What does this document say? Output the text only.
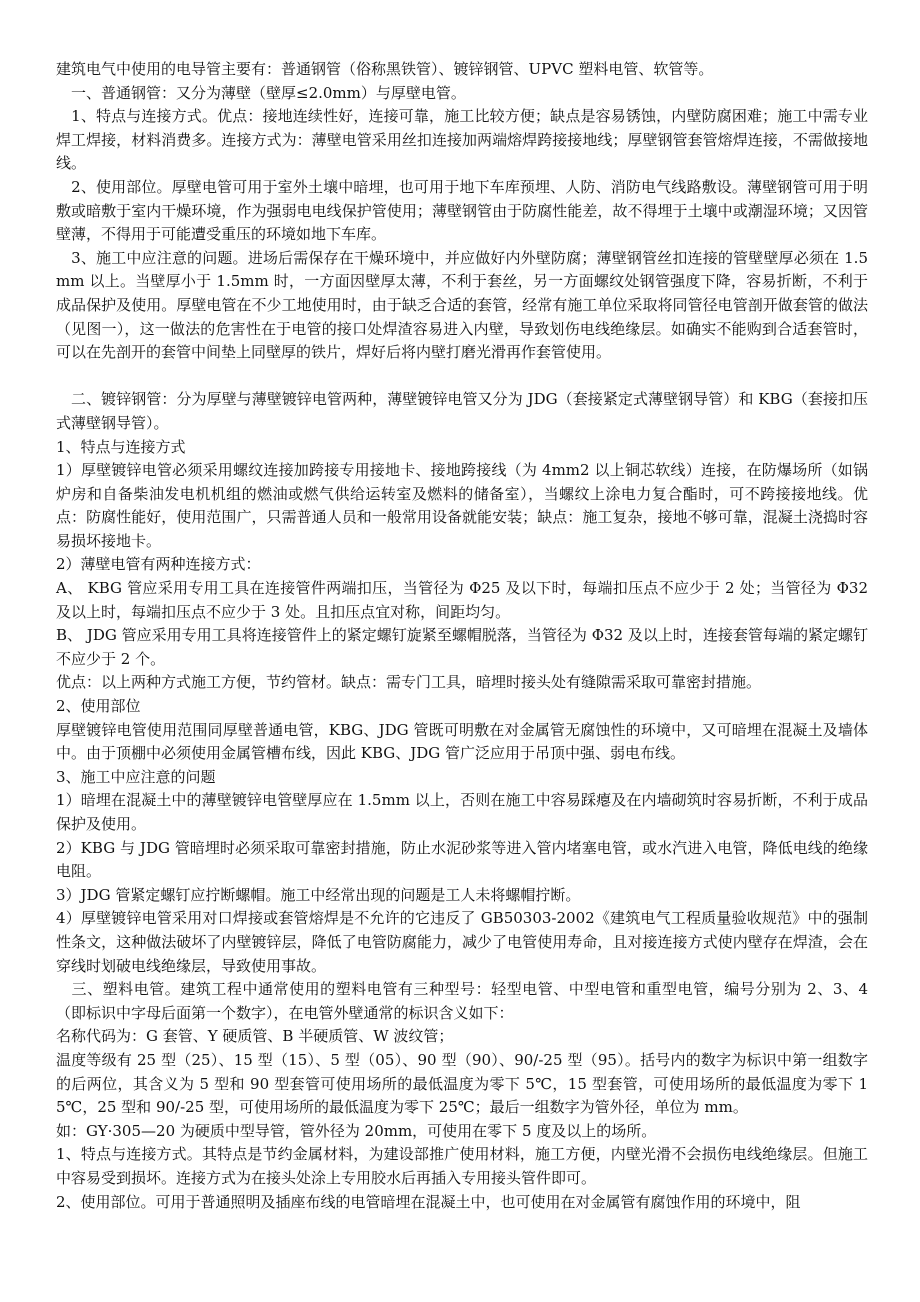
建筑电气中使用的电导管主要有：普通钢管（俗称黑铁管）、镀锌钢管、UPVC 塑料电管、软管等。

　一、普通钢管：又分为薄壁（壁厚≤2.0mm）与厚壁电管。

　1、特点与连接方式。优点：接地连续性好，连接可靠，施工比较方便；缺点是容易锈蚀，内壁防腐困难；施工中需专业焊工焊接，材料消费多。连接方式为：薄壁电管采用丝扣连接加两端熔焊跨接接地线；厚壁钢管套管熔焊连接，不需做接地线。

　2、使用部位。厚壁电管可用于室外土壤中暗埋，也可用于地下车库预埋、人防、消防电气线路敷设。薄壁钢管可用于明敷或暗敷于室内干燥环境，作为强弱电电线保护管使用；薄壁钢管由于防腐性能差，故不得埋于土壤中或潮湿环境；又因管壁薄，不得用于可能遭受重压的环境如地下车库。

　3、施工中应注意的问题。进场后需保存在干燥环境中，并应做好内外壁防腐；薄壁钢管丝扣连接的管壁壁厚必须在 1.5mm 以上。当壁厚小于 1.5mm 时，一方面因壁厚太薄，不利于套丝，另一方面螺纹处钢管强度下降，容易折断，不利于成品保护及使用。厚壁电管在不少工地使用时，由于缺乏合适的套管，经常有施工单位采取将同管径电管剖开做套管的做法（见图一），这一做法的危害性在于电管的接口处焊渣容易进入内壁，导致划伤电线绝缘层。如确实不能购到合适套管时，可以在先剖开的套管中间垫上同壁厚的铁片，焊好后将内壁打磨光滑再作套管使用。

　二、镀锌钢管：分为厚壁与薄壁镀锌电管两种，薄壁镀锌电管又分为 JDG（套接紧定式薄壁钢导管）和 KBG（套接扣压式薄壁钢导管）。

1、特点与连接方式

1）厚壁镀锌电管必须采用螺纹连接加跨接专用接地卡、接地跨接线（为 4mm2 以上铜芯软线）连接，在防爆场所（如锅炉房和自备柴油发电机机组的燃油或燃气供给运转室及燃料的储备室），当螺纹上涂电力复合酯时，可不跨接接地线。优点：防腐性能好，使用范围广，只需普通人员和一般常用设备就能安装；缺点：施工复杂，接地不够可靠，混凝土浇捣时容易损坏接地卡。

2）薄壁电管有两种连接方式：

A、 KBG 管应采用专用工具在连接管件两端扣压，当管径为 Φ25 及以下时，每端扣压点不应少于 2 处；当管径为 Φ32 及以上时，每端扣压点不应少于 3 处。且扣压点宜对称，间距均匀。

B、 JDG 管应采用专用工具将连接管件上的紧定螺钉旋紧至螺帽脱落，当管径为 Φ32 及以上时，连接套管每端的紧定螺钉不应少于 2 个。

优点：以上两种方式施工方便，节约管材。缺点：需专门工具，暗埋时接头处有缝隙需采取可靠密封措施。

2、使用部位

厚壁镀锌电管使用范围同厚壁普通电管，KBG、JDG 管既可明敷在对金属管无腐蚀性的环境中，又可暗埋在混凝土及墙体中。由于顶棚中必须使用金属管槽布线，因此 KBG、JDG 管广泛应用于吊顶中强、弱电布线。

3、施工中应注意的问题

1）暗埋在混凝土中的薄壁镀锌电管壁厚应在 1.5mm 以上，否则在施工中容易踩瘪及在内墙砌筑时容易折断，不利于成品保护及使用。

2）KBG 与 JDG 管暗埋时必须采取可靠密封措施，防止水泥砂浆等进入管内堵塞电管，或水汽进入电管，降低电线的绝缘电阻。

3）JDG 管紧定螺钉应拧断螺帽。施工中经常出现的问题是工人未将螺帽拧断。

4）厚壁镀锌电管采用对口焊接或套管熔焊是不允许的它违反了 GB50303-2002《建筑电气工程质量验收规范》中的强制性条文，这种做法破坏了内壁镀锌层，降低了电管防腐能力，减少了电管使用寿命，且对接连接方式使内壁存在焊渣，会在穿线时划破电线绝缘层，导致使用事故。

　三、塑料电管。建筑工程中通常使用的塑料电管有三种型号：轻型电管、中型电管和重型电管，编号分别为 2、3、4（即标识中字母后面第一个数字），在电管外壁通常的标识含义如下：

名称代码为：G 套管、Y 硬质管、B 半硬质管、W 波纹管；

温度等级有 25 型（25）、15 型（15）、5 型（05）、90 型（90）、90/-25 型（95）。括号内的数字为标识中第一组数字的后两位，其含义为 5 型和 90 型套管可使用场所的最低温度为零下 5℃，15 型套管，可使用场所的最低温度为零下 15℃，25 型和 90/-25 型，可使用场所的最低温度为零下 25℃；最后一组数字为管外径，单位为 mm。

如：GY·305—20 为硬质中型导管，管外径为 20mm，可使用在零下 5 度及以上的场所。

1、特点与连接方式。其特点是节约金属材料，为建设部推广使用材料，施工方便，内壁光滑不会损伤电线绝缘层。但施工中容易受到损坏。连接方式为在接头处涂上专用胶水后再插入专用接头管件即可。

2、使用部位。可用于普通照明及插座布线的电管暗埋在混凝土中，也可使用在对金属管有腐蚀作用的环境中，阻
